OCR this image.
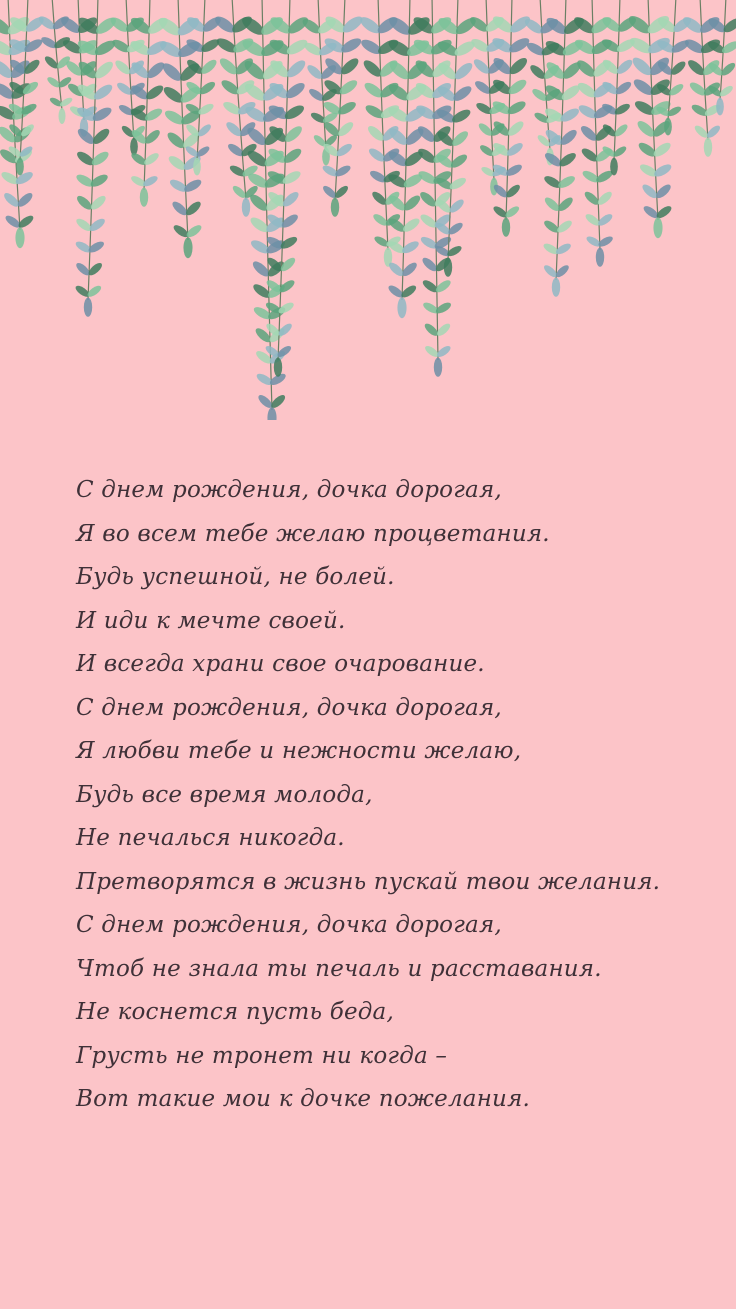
С днем рождения, дочка дорогая,
Я во всем тебе желаю процветания.
Будь успешной, не болей.
И иди к мечте своей.
И всегда храни свое очарование.
С днем рождения, дочка дорогая,
Я любви тебе и нежности желаю,
Будь все время молода,
Не печалься никогда.
Претворятся в жизнь пускай твои желания.
С днем рождения, дочка дорогая,
Чтоб не знала ты печаль и расставания.
Не коснется пусть беда,
Грусть не тронет ни когда –
Вот такие мои к дочке пожелания.
